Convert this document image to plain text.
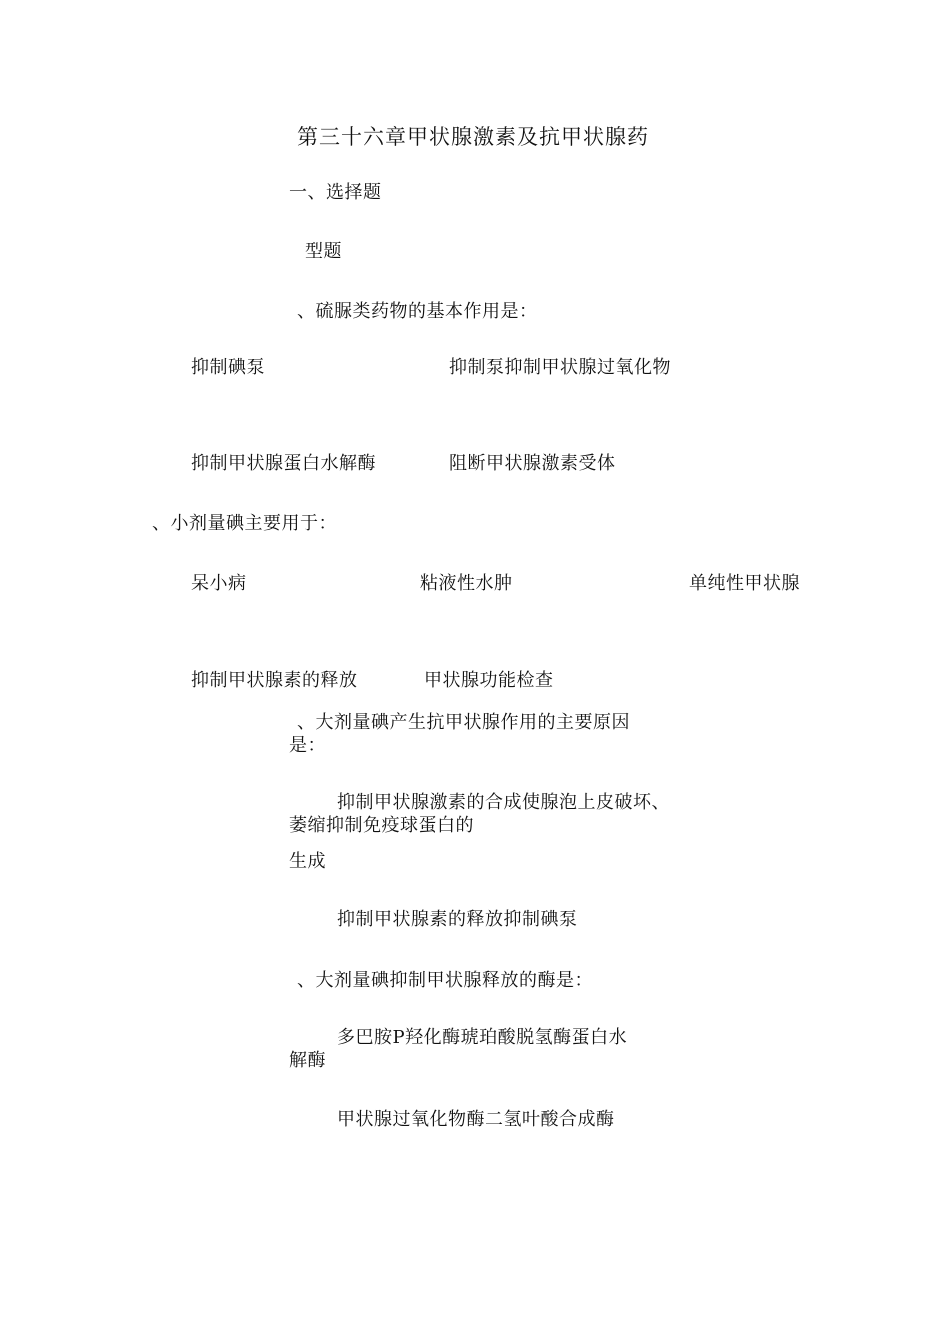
第三十六章甲状腺激素及抗甲状腺药
一、选择题
型题
、硫脲类药物的基本作用是：
抑制碘泵	抑制泵抑制甲状腺过氧化物
抑制甲状腺蛋白水解酶	阻断甲状腺激素受体
、小剂量碘主要用于：
呆小病	粘液性水肿	单纯性甲状腺
抑制甲状腺素的释放	甲状腺功能检查
、大剂量碘产生抗甲状腺作用的主要原因
是：
抑制甲状腺激素的合成使腺泡上皮破坏、
萎缩抑制免疫球蛋白的
生成
抑制甲状腺素的释放抑制碘泵
、大剂量碘抑制甲状腺释放的酶是：
多巴胺P羟化酶琥珀酸脱氢酶蛋白水
解酶
甲状腺过氧化物酶二氢叶酸合成酶
